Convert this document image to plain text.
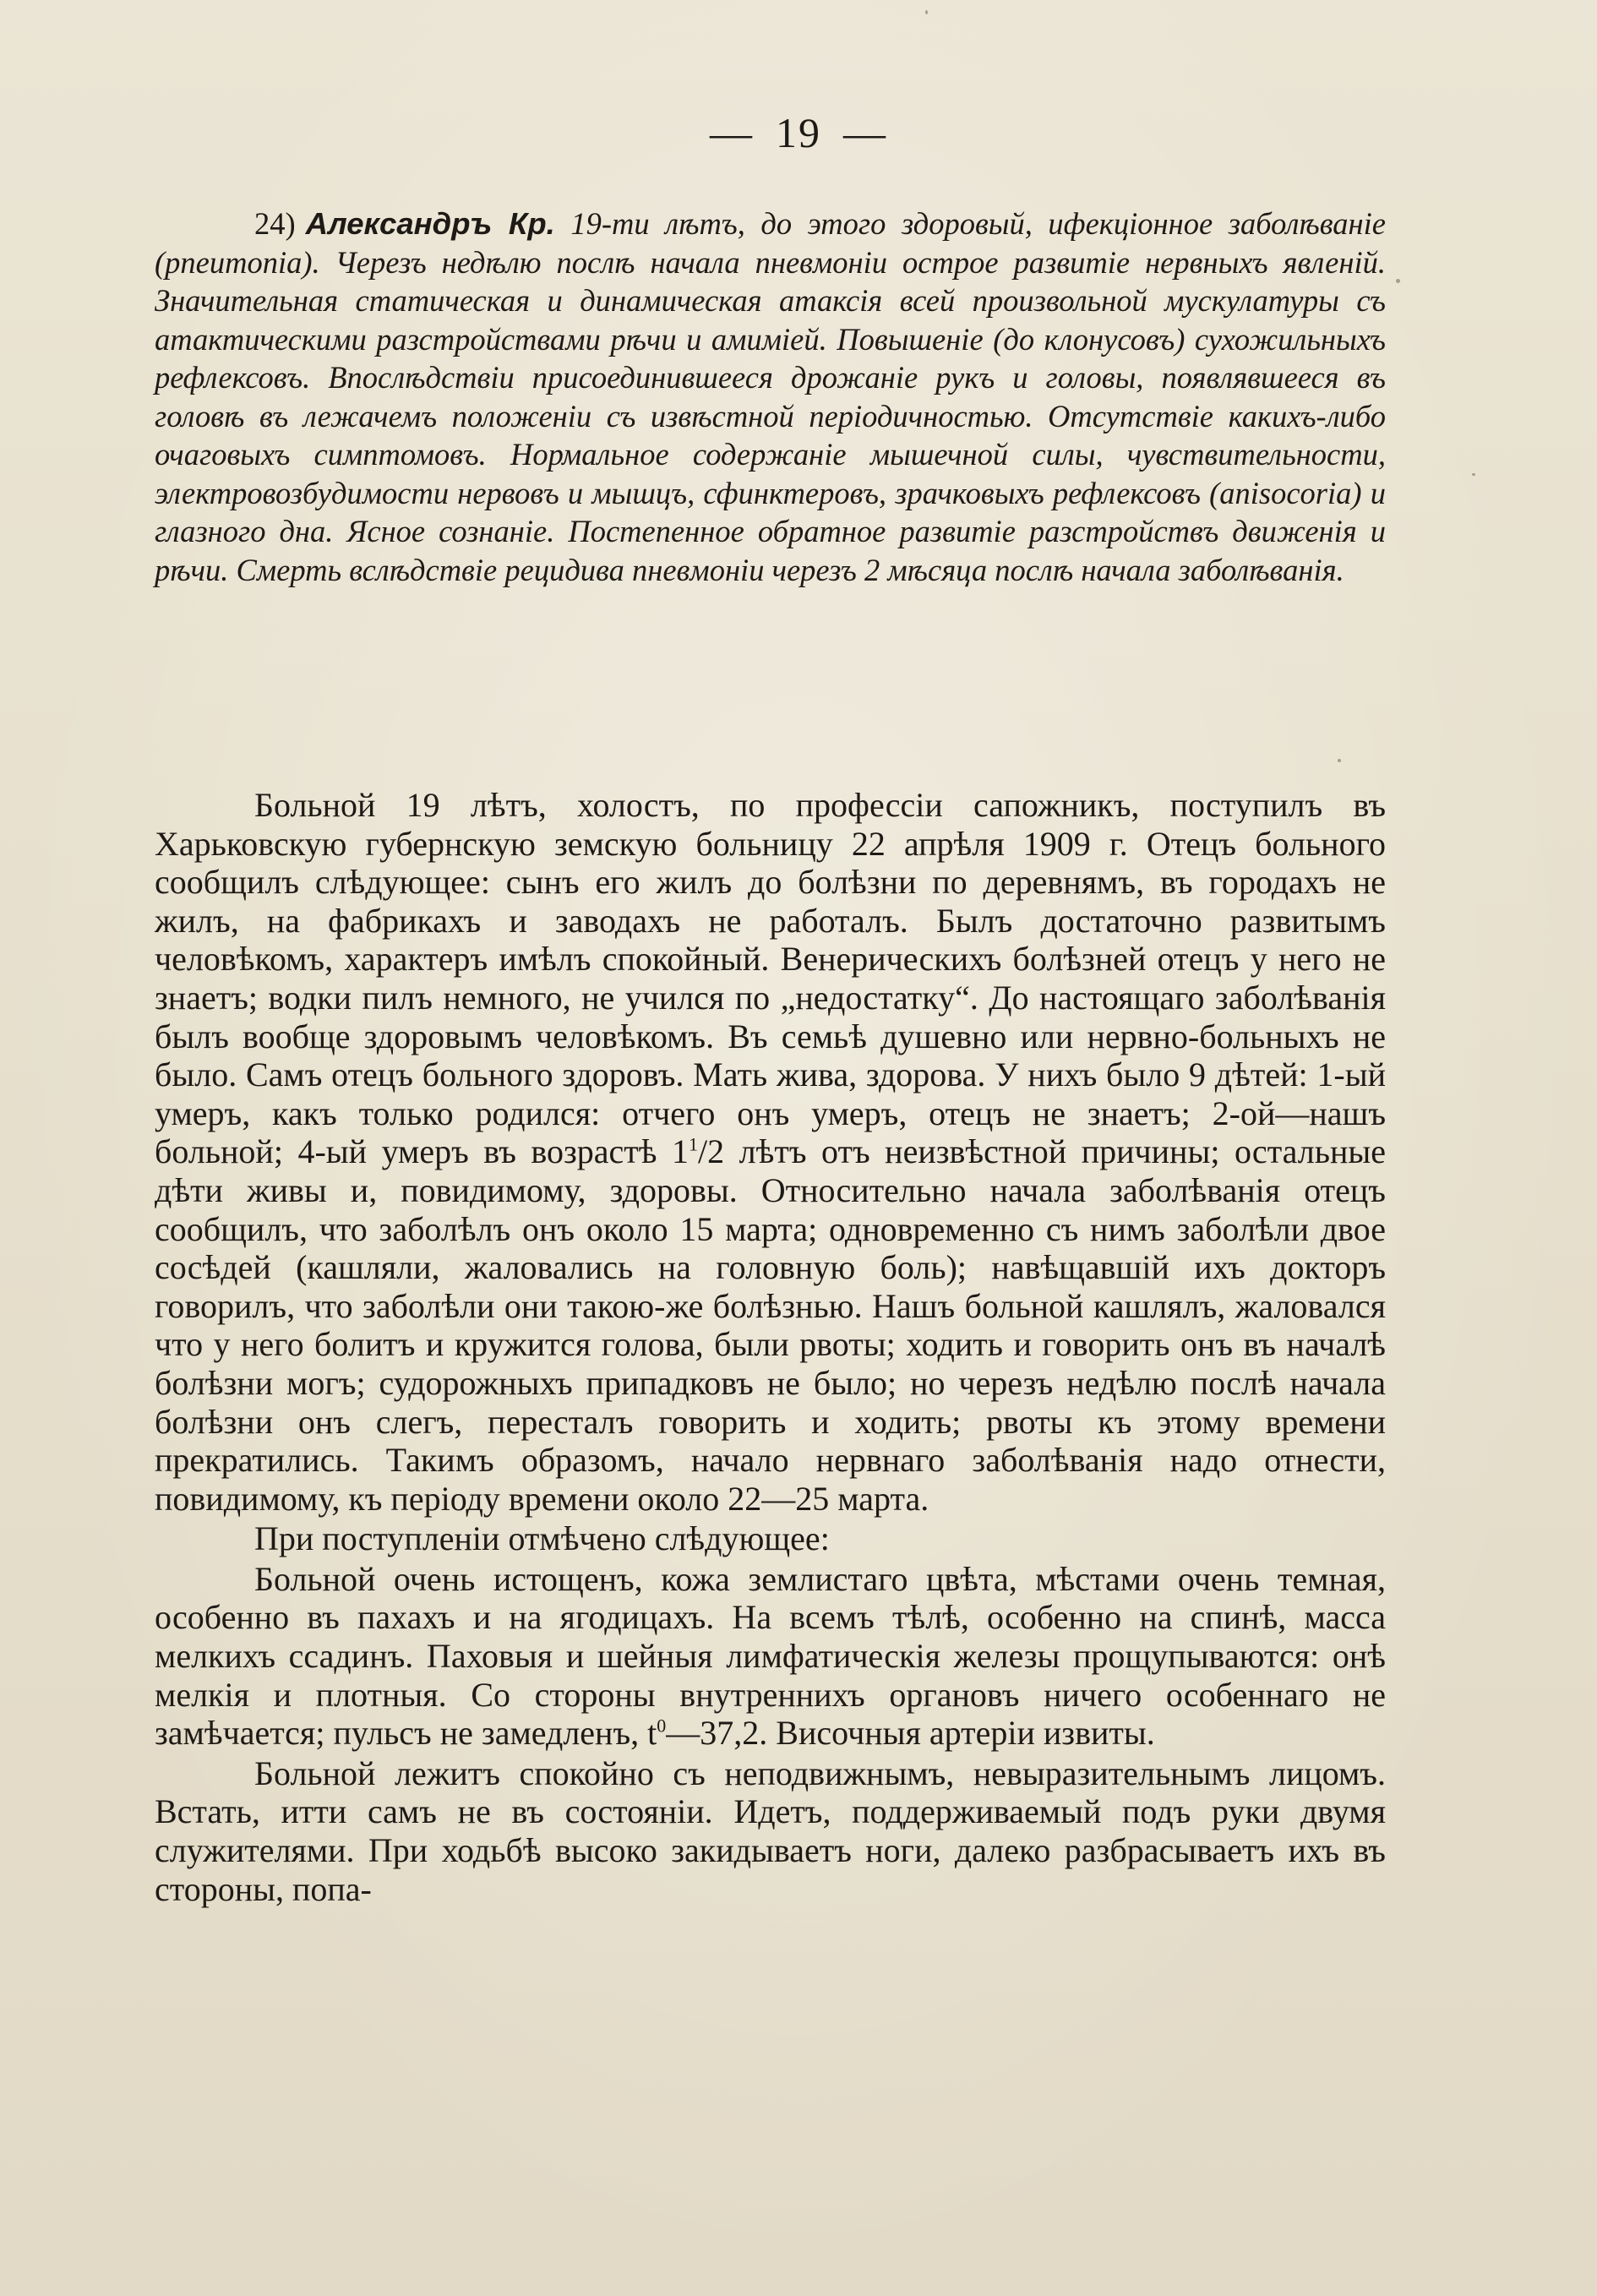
— 19 —
24) Александръ Кр. 19-ти лѣтъ, до этого здоровый, ифекціонное заболѣваніе (pneumonia). Черезъ недѣлю послѣ начала пневмоніи острое развитіе нервныхъ явленій. Значительная статическая и динамическая атаксія всей произвольной мускулатуры съ атактическими разстройствами рѣчи и амиміей. Повышеніе (до клонусовъ) сухожильныхъ рефлексовъ. Впослѣдствіи присоединившееся дрожаніе рукъ и головы, появлявшееся въ головѣ въ лежачемъ положеніи съ извѣстной періодичностью. Отсутствіе какихъ-либо очаговыхъ симптомовъ. Нормальное содержаніе мышечной силы, чувствительности, электровозбудимости нервовъ и мышцъ, сфинктеровъ, зрачковыхъ рефлексовъ (anisocoria) и глазного дна. Ясное сознаніе. Постепенное обратное развитіе разстройствъ движенія и рѣчи. Смерть вслѣдствіе рецидива пневмоніи черезъ 2 мѣсяца послѣ начала заболѣванія.

Больной 19 лѣтъ, холостъ, по профессіи сапожникъ, поступилъ въ Харьковскую губернскую земскую больницу 22 апрѣля 1909 г. Отецъ больного сообщилъ слѣдующее: сынъ его жилъ до болѣзни по деревнямъ, въ городахъ не жилъ, на фабрикахъ и заводахъ не работалъ. Былъ достаточно развитымъ человѣкомъ, характеръ имѣлъ спокойный. Венерическихъ болѣзней отецъ у него не знаетъ; водки пилъ немного, не учился по „недостатку“. До настоящаго заболѣванія былъ вообще здоровымъ человѣкомъ. Въ семьѣ душевно или нервно-больныхъ не было. Самъ отецъ больного здоровъ. Мать жива, здорова. У нихъ было 9 дѣтей: 1-ый умеръ, какъ только родился: отчего онъ умеръ, отецъ не знаетъ; 2-ой—нашъ больной; 4-ый умеръ въ возрастѣ $1^1/2$ лѣтъ отъ неизвѣстной причины; остальные дѣти живы и, повидимому, здоровы. Относительно начала заболѣванія отецъ сообщилъ, что заболѣлъ онъ около 15 марта; одновременно съ нимъ заболѣли двое сосѣдей (кашляли, жаловались на головную боль); навѣщавшій ихъ докторъ говорилъ, что заболѣли они такою-же болѣзнью. Нашъ больной кашлялъ, жаловался что у него болитъ и кружится голова, были рвоты; ходить и говорить онъ въ началѣ болѣзни могъ; судорожныхъ припадковъ не было; но черезъ недѣлю послѣ начала болѣзни онъ слегъ, пересталъ говорить и ходить; рвоты къ этому времени прекратились. Такимъ образомъ, начало нервнаго заболѣванія надо отнести, повидимому, къ періоду времени около 22—25 марта.

При поступленіи отмѣчено слѣдующее:

Больной очень истощенъ, кожа землистаго цвѣта, мѣстами очень темная, особенно въ пахахъ и на ягодицахъ. На всемъ тѣлѣ, особенно на спинѣ, масса мелкихъ ссадинъ. Паховыя и шейныя лимфатическія железы прощупываются: онѣ мелкія и плотныя. Со стороны внутреннихъ органовъ ничего особеннаго не замѣчается; пульсъ не замедленъ, $t^0—37,2$. Височныя артеріи извиты.

Больной лежитъ спокойно съ неподвижнымъ, невыразительнымъ лицомъ. Встать, итти самъ не въ состояніи. Идетъ, поддерживаемый подъ руки двумя служителями. При ходьбѣ высоко закидываетъ ноги, далеко разбрасываетъ ихъ въ стороны, попа-
